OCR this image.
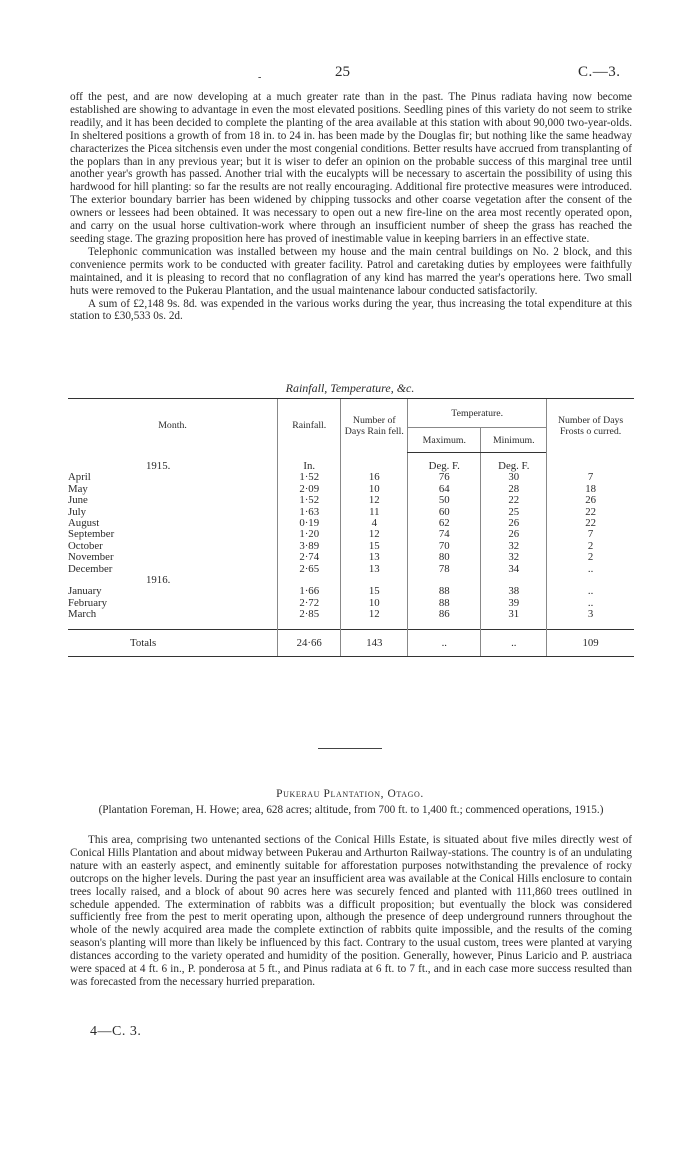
-	25	C.—3.

off the pest, and are now developing at a much greater rate than in the past. The Pinus radiata having now become established are showing to advantage in even the most elevated positions. Seedling pines of this variety do not seem to strike readily, and it has been decided to complete the planting of the area available at this station with about 90,000 two-year-olds. In sheltered positions a growth of from 18 in. to 24 in. has been made by the Douglas fir; but nothing like the same headway characterizes the Picea sitchensis even under the most congenial conditions. Better results have accrued from transplanting of the poplars than in any previous year; but it is wiser to defer an opinion on the probable success of this marginal tree until another year's growth has passed. Another trial with the eucalypts will be necessary to ascertain the possibility of using this hardwood for hill planting: so far the results are not really encouraging. Additional fire protective measures were introduced. The exterior boundary barrier has been widened by chipping tussocks and other coarse vegetation after the consent of the owners or lessees had been obtained. It was necessary to open out a new fire-line on the area most recently operated opon, and carry on the usual horse cultivation-work where through an insufficient number of sheep the grass has reached the seeding stage. The grazing proposition here has proved of inestimable value in keeping barriers in an effective state.

Telephonic communication was installed between my house and the main central buildings on No. 2 block, and this convenience permits work to be conducted with greater facility. Patrol and caretaking duties by employees were faithfully maintained, and it is pleasing to record that no conflagration of any kind has marred the year's operations here. Two small huts were removed to the Pukerau Plantation, and the usual maintenance labour conducted satisfactorily.

A sum of £2,148 9s. 8d. was expended in the various works during the year, thus increasing the total expenditure at this station to £30,533 0s. 2d.

Rainfall, Temperature, &c.
Month.	Rainfall.	Number of Days Rain fell.	Temperature.		Number of Days Frosts o curred.
			Maximum.	Minimum.	

1915.	In.		Deg. F.	Deg. F.	
April	1·52	16	76	30	7
May	2·09	10	64	28	18
June	1·52	12	50	22	26
July	1·63	11	60	25	22
August	0·19	4	62	26	22
September	1·20	12	74	26	7
October	3·89	15	70	32	2
November	2·74	13	80	32	2
December	2·65	13	78	34	..
1916.					
January	1·66	15	88	38	..
February	2·72	10	88	39	..
March	2·85	12	86	31	3

Totals	24·66	143	..	..	109
Pukerau Plantation, Otago.
(Plantation Foreman, H. Howe; area, 628 acres; altitude, from 700 ft. to 1,400 ft.; commenced operations, 1915.)

This area, comprising two untenanted sections of the Conical Hills Estate, is situated about five miles directly west of Conical Hills Plantation and about midway between Pukerau and Arthurton Railway-stations. The country is of an undulating nature with an easterly aspect, and eminently suitable for afforestation purposes notwithstanding the prevalence of rocky outcrops on the higher levels. During the past year an insufficient area was available at the Conical Hills enclosure to contain trees locally raised, and a block of about 90 acres here was securely fenced and planted with 111,860 trees outlined in schedule appended. The extermination of rabbits was a difficult proposition; but eventually the block was considered sufficiently free from the pest to merit operating upon, although the presence of deep underground runners throughout the whole of the newly acquired area made the complete extinction of rabbits quite impossible, and the results of the coming season's planting will more than likely be influenced by this fact. Contrary to the usual custom, trees were planted at varying distances according to the variety operated and humidity of the position. Generally, however, Pinus Laricio and P. austriaca were spaced at 4 ft. 6 in., P. ponderosa at 5 ft., and Pinus radiata at 6 ft. to 7 ft., and in each case more success resulted than was forecasted from the necessary hurried preparation.

4—C. 3.
